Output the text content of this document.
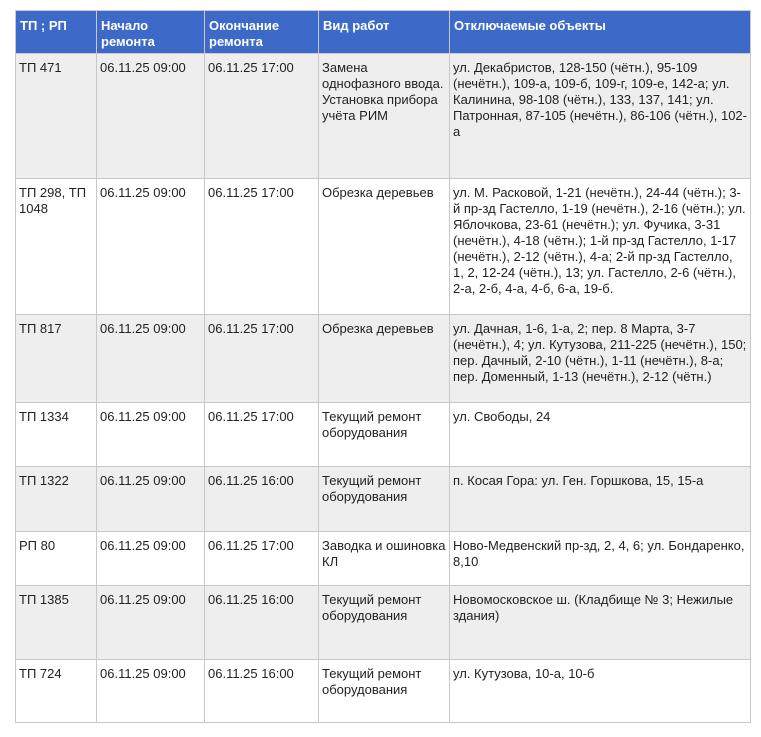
ТП ; РП	Начало ремонта	Окончание ремонта	Вид работ	Отключаемые объекты
ТП 471	06.11.25 09:00	06.11.25 17:00	Замена однофазного ввода. Установка прибора учёта РИМ	ул. Декабристов, 128-150 (чётн.), 95-109 (нечётн.), 109-а, 109-б, 109-г, 109-е, 142-а; ул. Калинина, 98-108 (чётн.), 133, 137, 141; ул. Патронная, 87-105 (нечётн.), 86-106 (чётн.), 102-а
ТП 298, ТП 1048	06.11.25 09:00	06.11.25 17:00	Обрезка деревьев	ул. М. Расковой, 1-21 (нечётн.), 24-44 (чётн.); 3-й пр-зд Гастелло, 1-19 (нечётн.), 2-16 (чётн.); ул. Яблочкова, 23-61 (нечётн.); ул. Фучика, 3-31 (нечётн.), 4-18 (чётн.); 1-й пр-зд Гастелло, 1-17 (нечётн.), 2-12 (чётн.), 4-а; 2-й пр-зд Гастелло, 1, 2, 12-24 (чётн.), 13; ул. Гастелло, 2-6 (чётн.), 2-а, 2-б, 4-а, 4-б, 6-а, 19-б.
ТП 817	06.11.25 09:00	06.11.25 17:00	Обрезка деревьев	ул. Дачная, 1-6, 1-а, 2; пер. 8 Марта, 3-7 (нечётн.), 4; ул. Кутузова, 211-225 (нечётн.), 150; пер. Дачный, 2-10 (чётн.), 1-11 (нечётн.), 8-а; пер. Доменный, 1-13 (нечётн.), 2-12 (чётн.)
ТП 1334	06.11.25 09:00	06.11.25 17:00	Текущий ремонт оборудования	ул. Свободы, 24
ТП 1322	06.11.25 09:00	06.11.25 16:00	Текущий ремонт оборудования	п. Косая Гора: ул. Ген. Горшкова, 15, 15-а
РП 80	06.11.25 09:00	06.11.25 17:00	Заводка и ошиновка КЛ	Ново-Медвенский пр-зд, 2, 4, 6; ул. Бондаренко, 8,10
ТП 1385	06.11.25 09:00	06.11.25 16:00	Текущий ремонт оборудования	Новомосковское ш. (Кладбище № 3; Нежилые здания)
ТП 724	06.11.25 09:00	06.11.25 16:00	Текущий ремонт оборудования	ул. Кутузова, 10-а, 10-б
